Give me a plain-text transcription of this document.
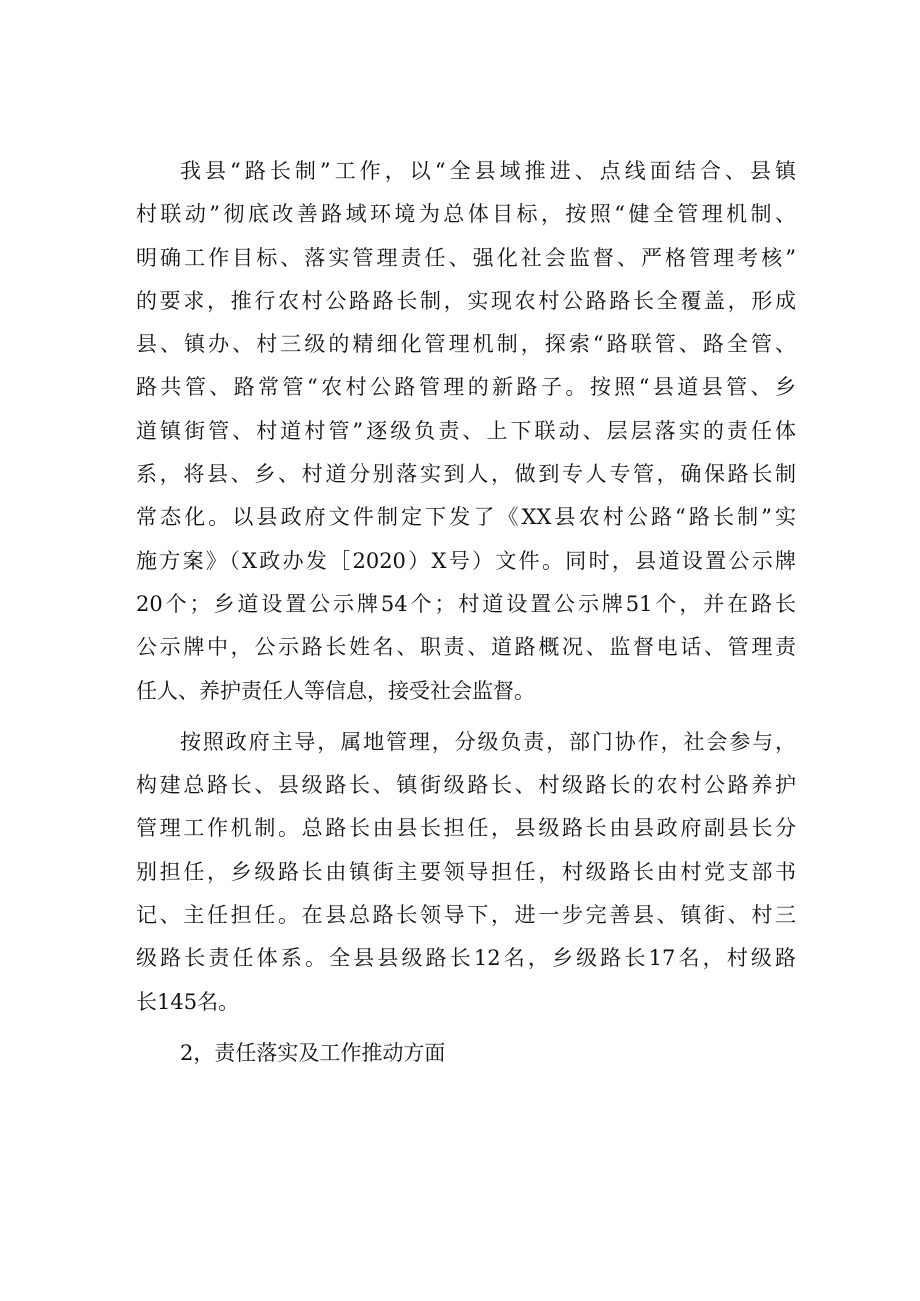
我县“路长制”工作，以“全县域推进、点线面结合、县镇
村联动”彻底改善路域环境为总体目标，按照“健全管理机制、
明确工作目标、落实管理责任、强化社会监督、严格管理考核”
的要求，推行农村公路路长制，实现农村公路路长全覆盖，形成
县、镇办、村三级的精细化管理机制，探索“路联管、路全管、
路共管、路常管“农村公路管理的新路子。按照“县道县管、乡
道镇街管、村道村管”逐级负责、上下联动、层层落实的责任体
系，将县、乡、村道分别落实到人，做到专人专管，确保路长制
常态化。以县政府文件制定下发了《XX县农村公路“路长制”实
施方案》（X政办发［2020）X号）文件。同时，县道设置公示牌
20个；乡道设置公示牌54个；村道设置公示牌51个，并在路长
公示牌中，公示路长姓名、职责、道路概况、监督电话、管理责
任人、养护责任人等信息，接受社会监督。
按照政府主导，属地管理，分级负责，部门协作，社会参与，
构建总路长、县级路长、镇街级路长、村级路长的农村公路养护
管理工作机制。总路长由县长担任，县级路长由县政府副县长分
别担任，乡级路长由镇街主要领导担任，村级路长由村党支部书
记、主任担任。在县总路长领导下，进一步完善县、镇街、村三
级路长责任体系。全县县级路长12名，乡级路长17名，村级路
长145名。
2，责任落实及工作推动方面
